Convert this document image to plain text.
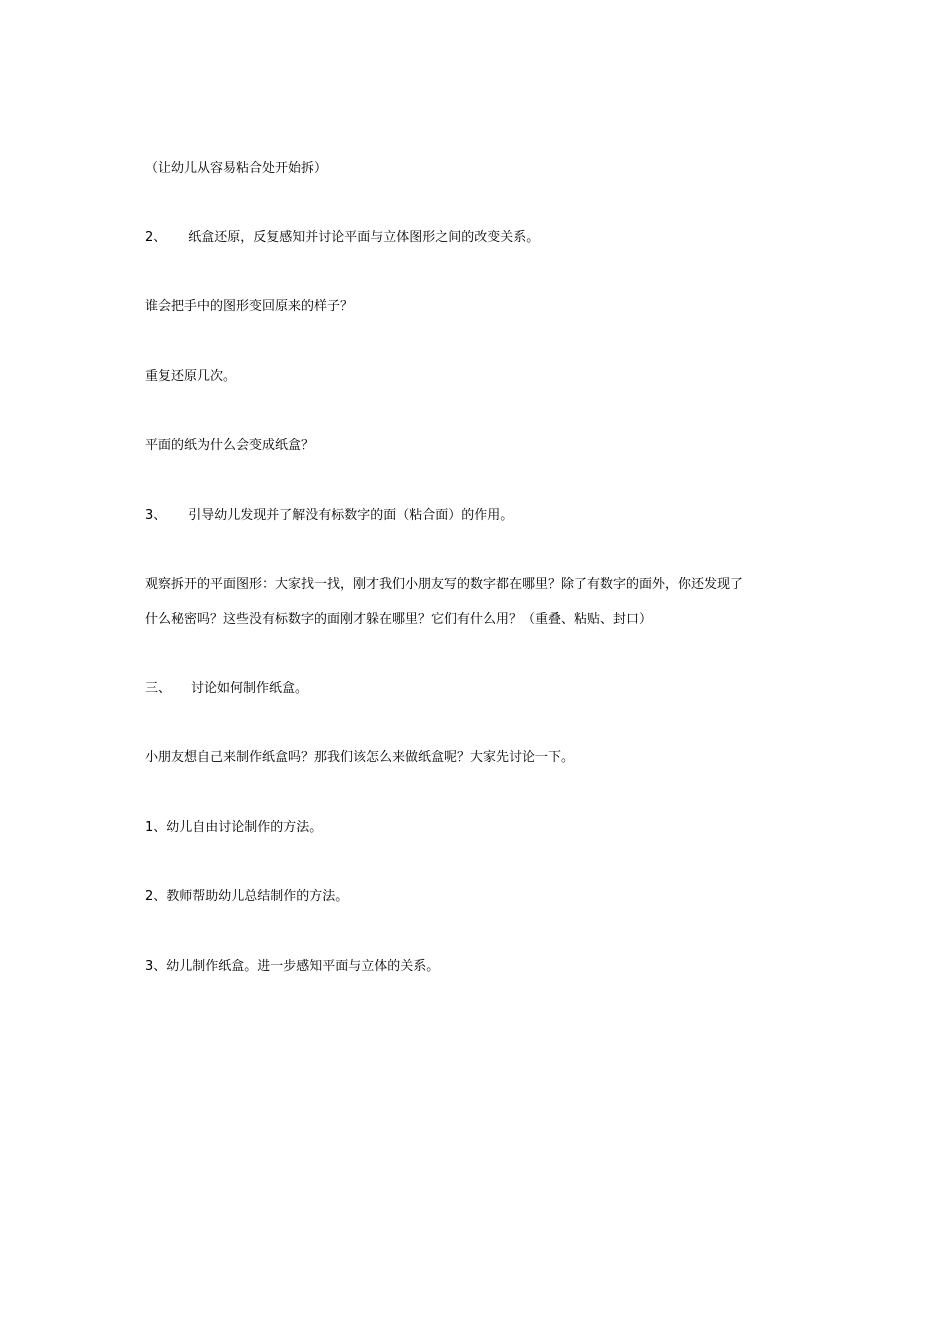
（让幼儿从容易粘合处开始拆）
2、 纸盒还原，反复感知并讨论平面与立体图形之间的改变关系。
谁会把手中的图形变回原来的样子？
重复还原几次。
平面的纸为什么会变成纸盒？
3、 引导幼儿发现并了解没有标数字的面（粘合面）的作用。
观察拆开的平面图形：大家找一找，刚才我们小朋友写的数字都在哪里？除了有数字的面外，你还发现了
什么秘密吗？这些没有标数字的面刚才躲在哪里？它们有什么用？（重叠、粘贴、封口）
三、 讨论如何制作纸盒。
小朋友想自己来制作纸盒吗？那我们该怎么来做纸盒呢？大家先讨论一下。
1、幼儿自由讨论制作的方法。
2、教师帮助幼儿总结制作的方法。
3、幼儿制作纸盒。进一步感知平面与立体的关系。
